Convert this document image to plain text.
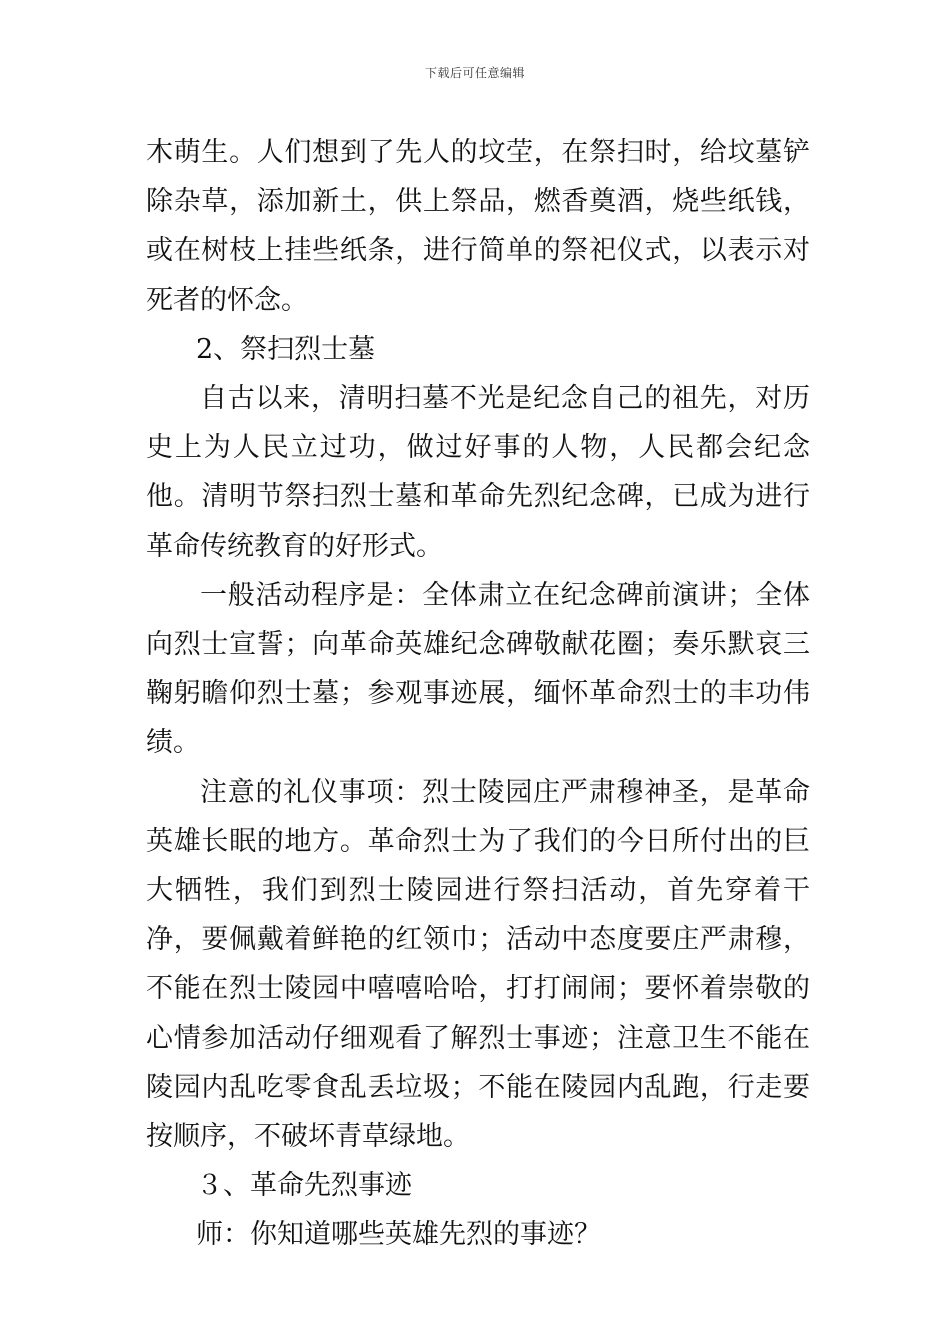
下载后可任意编辑

木萌生。人们想到了先人的坟茔，在祭扫时，给坟墓铲除杂草，添加新土，供上祭品，燃香奠酒，烧些纸钱，或在树枝上挂些纸条，进行简单的祭祀仪式，以表示对死者的怀念。

2、祭扫烈士墓

自古以来，清明扫墓不光是纪念自己的祖先，对历史上为人民立过功，做过好事的人物，人民都会纪念他。清明节祭扫烈士墓和革命先烈纪念碑，已成为进行革命传统教育的好形式。

一般活动程序是：全体肃立在纪念碑前演讲；全体向烈士宣誓；向革命英雄纪念碑敬献花圈；奏乐默哀三鞠躬瞻仰烈士墓；参观事迹展，缅怀革命烈士的丰功伟绩。

注意的礼仪事项：烈士陵园庄严肃穆神圣，是革命英雄长眠的地方。革命烈士为了我们的今日所付出的巨大牺牲，我们到烈士陵园进行祭扫活动，首先穿着干净，要佩戴着鲜艳的红领巾；活动中态度要庄严肃穆，不能在烈士陵园中嘻嘻哈哈，打打闹闹；要怀着崇敬的心情参加活动仔细观看了解烈士事迹；注意卫生不能在陵园内乱吃零食乱丢垃圾；不能在陵园内乱跑，行走要按顺序，不破坏青草绿地。

３、革命先烈事迹

师：你知道哪些英雄先烈的事迹？
